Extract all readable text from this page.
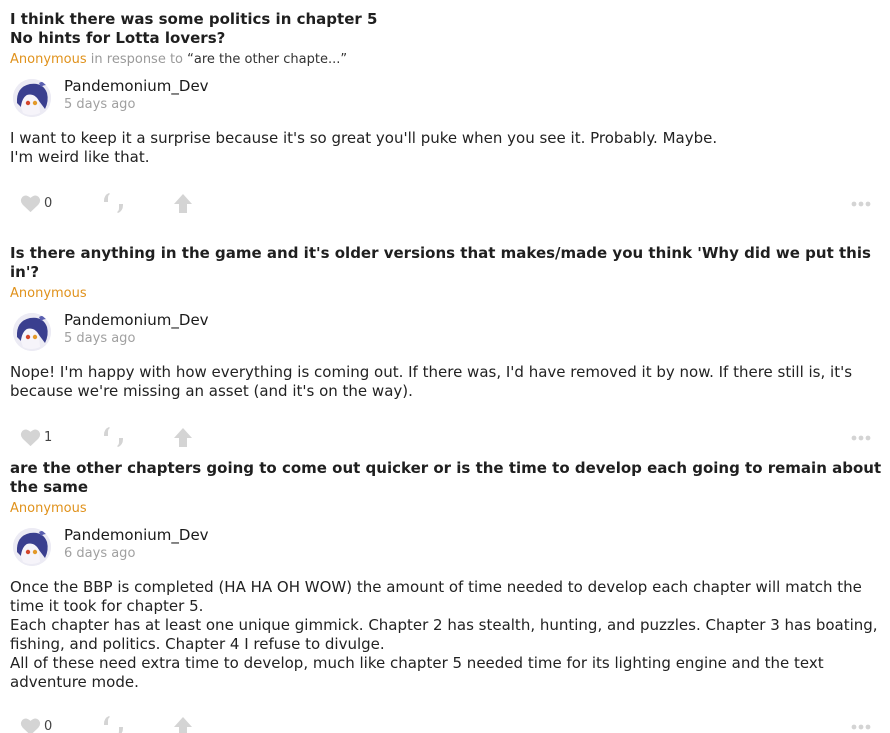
I think there was some politics in chapter 5
No hints for Lotta lovers?
Anonymous in response to “are the other chapte...”
Pandemonium_Dev
5 days ago

I want to keep it a surprise because it's so great you'll puke when you see it. Probably. Maybe.

I'm weird like that.

0
Is there anything in the game and it's older versions that makes/made you think 'Why did we put this in'?
Anonymous
Pandemonium_Dev
5 days ago

Nope! I'm happy with how everything is coming out. If there was, I'd have removed it by now. If there still is, it's because we're missing an asset (and it's on the way).

1
are the other chapters going to come out quicker or is the time to develop each going to remain about the same
Anonymous
Pandemonium_Dev
6 days ago

Once the BBP is completed (HA HA OH WOW) the amount of time needed to develop each chapter will match the time it took for chapter 5.

Each chapter has at least one unique gimmick. Chapter 2 has stealth, hunting, and puzzles. Chapter 3 has boating, fishing, and politics. Chapter 4 I refuse to divulge.

All of these need extra time to develop, much like chapter 5 needed time for its lighting engine and the text adventure mode.

0
